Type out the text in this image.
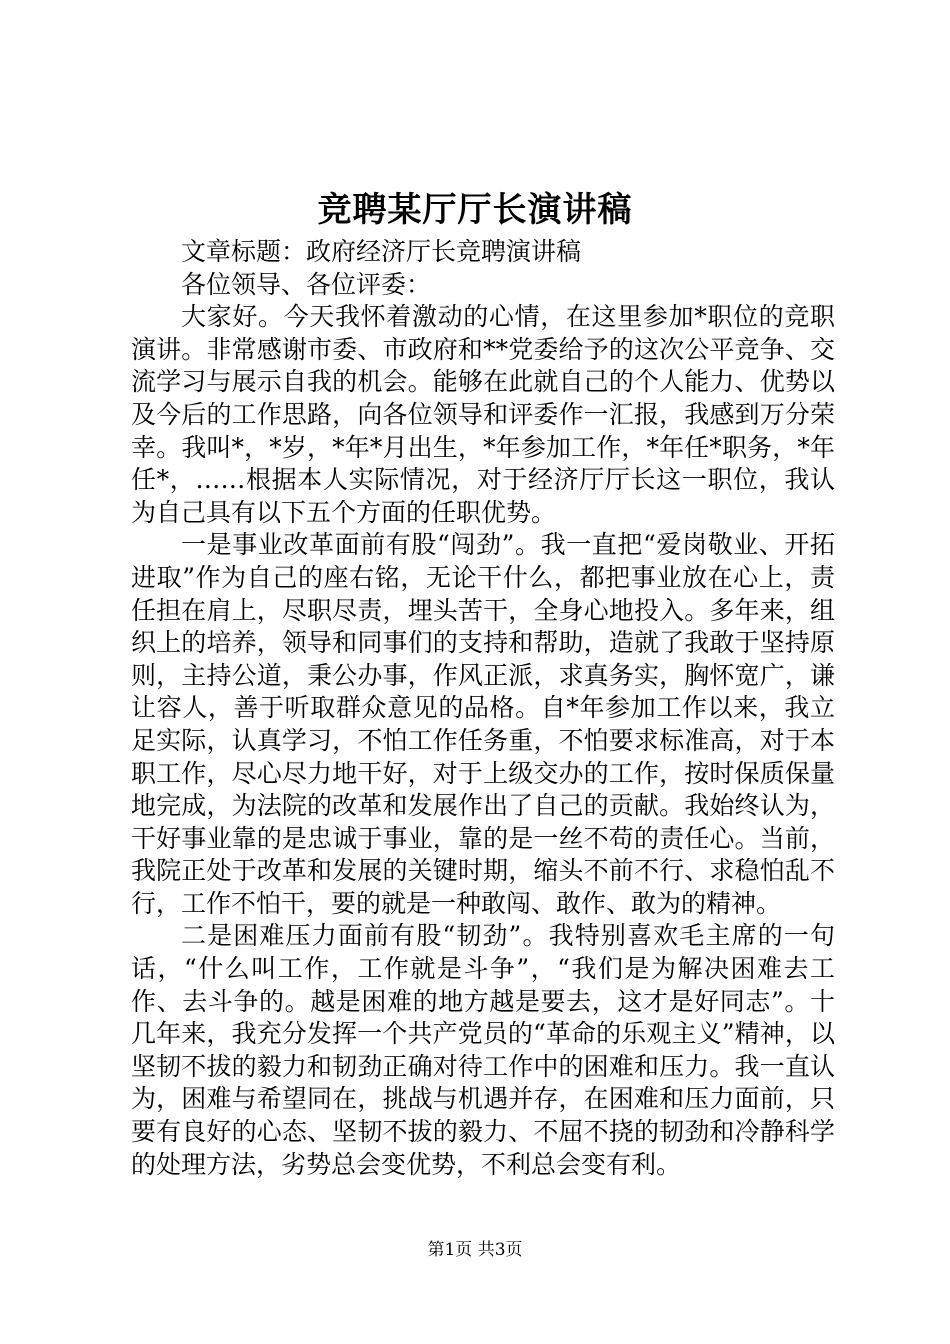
竞聘某厅厅长演讲稿

文章标题：政府经济厅长竞聘演讲稿

各位领导、各位评委：

大家好。今天我怀着激动的心情，在这里参加*职位的竞职演讲。非常感谢市委、市政府和**党委给予的这次公平竞争、交流学习与展示自我的机会。能够在此就自己的个人能力、优势以及今后的工作思路，向各位领导和评委作一汇报，我感到万分荣幸。我叫*，*岁，*年*月出生，*年参加工作，*年任*职务，*年任*，……根据本人实际情况，对于经济厅厅长这一职位，我认为自己具有以下五个方面的任职优势。

一是事业改革面前有股“闯劲”。我一直把“爱岗敬业、开拓进取”作为自己的座右铭，无论干什么，都把事业放在心上，责任担在肩上，尽职尽责，埋头苦干，全身心地投入。多年来，组织上的培养，领导和同事们的支持和帮助，造就了我敢于坚持原则，主持公道，秉公办事，作风正派，求真务实，胸怀宽广，谦让容人，善于听取群众意见的品格。自*年参加工作以来，我立足实际，认真学习，不怕工作任务重，不怕要求标准高，对于本职工作，尽心尽力地干好，对于上级交办的工作，按时保质保量地完成，为法院的改革和发展作出了自己的贡献。我始终认为，干好事业靠的是忠诚于事业，靠的是一丝不苟的责任心。当前，我院正处于改革和发展的关键时期，缩头不前不行、求稳怕乱不行，工作不怕干，要的就是一种敢闯、敢作、敢为的精神。

二是困难压力面前有股“韧劲”。我特别喜欢毛主席的一句话，“什么叫工作，工作就是斗争”，“我们是为解决困难去工作、去斗争的。越是困难的地方越是要去，这才是好同志”。十几年来，我充分发挥一个共产党员的“革命的乐观主义”精神，以坚韧不拔的毅力和韧劲正确对待工作中的困难和压力。我一直认为，困难与希望同在，挑战与机遇并存，在困难和压力面前，只要有良好的心态、坚韧不拔的毅力、不屈不挠的韧劲和冷静科学的处理方法，劣势总会变优势，不利总会变有利。

第1页 共3页
